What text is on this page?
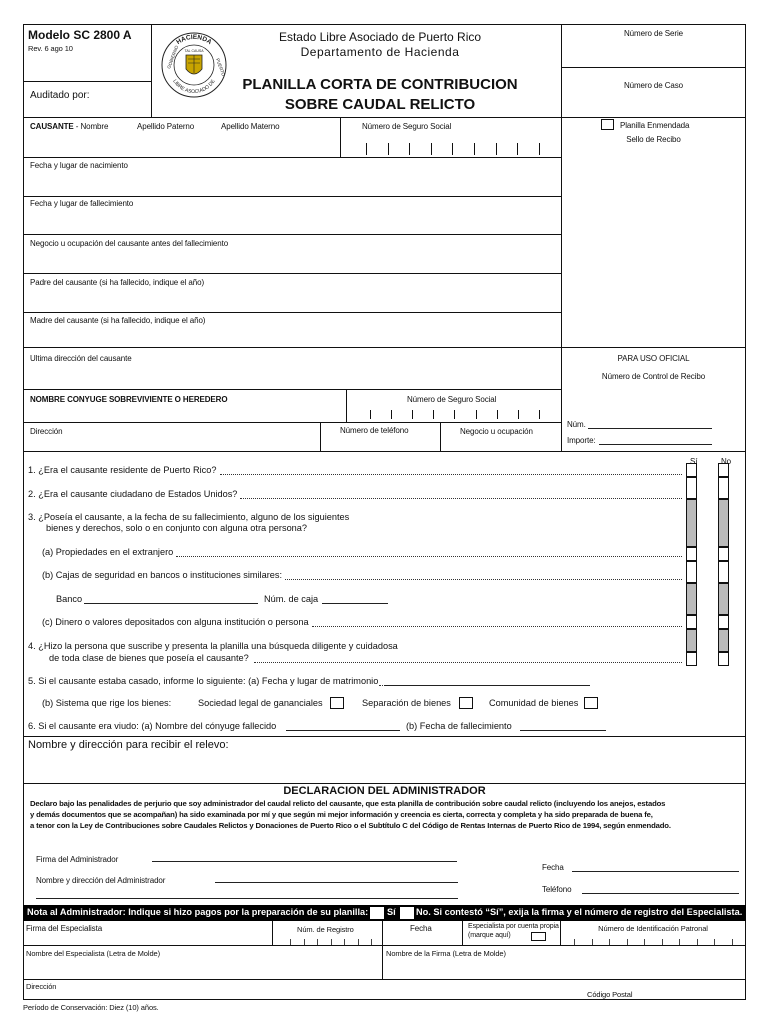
Modelo SC 2800 A
Rev. 6 ago 10
Auditado por:
HACIENDA
LIBRE ASOCIADO DE
GOBIERNO	PUERTO
TAL CAUSA
Estado Libre Asociado de Puerto Rico
Departamento de Hacienda
PLANILLA CORTA DE CONTRIBUCION
SOBRE CAUDAL RELICTO
Número de Serie
Número de Caso
Planilla Enmendada
Sello de Recibo
CAUSANTE - Nombre	Apellido Paterno	Apellido Materno	Número de Seguro Social
Fecha y lugar de nacimiento
Fecha y lugar de fallecimiento
Negocio u ocupación del causante antes del fallecimiento
Padre del causante (si ha fallecido, indique el año)
Madre del causante (si ha fallecido, indique el año)
Ultima dirección del causante	PARA USO OFICIAL
Número de Control de Recibo
Núm.
Importe:
NOMBRE CONYUGE SOBREVIVIENTE O HEREDERO	Número de Seguro Social
Dirección	Número de teléfono	Negocio u ocupación
Sí	No
1. ¿Era el causante residente de Puerto Rico?
2. ¿Era el causante ciudadano de Estados Unidos?
3. ¿Poseía el causante, a la fecha de su fallecimiento, alguno de los siguientes
bienes y derechos, solo o en conjunto con alguna otra persona?
(a) Propiedades en el extranjero
(b) Cajas de seguridad en bancos o instituciones similares:
Banco	Núm. de caja
(c) Dinero o valores depositados con alguna institución o persona
4. ¿Hizo la persona que suscribe y presenta la planilla una búsqueda diligente y cuidadosa
de toda clase de bienes que poseía el causante?
5. Si el causante estaba casado, informe lo siguiente: (a) Fecha y lugar de matrimonio
(b) Sistema que rige los bienes:	Sociedad legal de gananciales	Separación de bienes	Comunidad de bienes
6. Si el causante era viudo: (a) Nombre del cónyuge fallecido	(b) Fecha de fallecimiento
Nombre y dirección para recibir el relevo:
DECLARACION DEL ADMINISTRADOR
Declaro bajo las penalidades de perjurio que soy administrador del caudal relicto del causante, que esta planilla de contribución sobre caudal relicto (incluyendo los anejos, estados
y demás documentos que se acompañan) ha sido examinada por mí y que según mi mejor información y creencia es cierta, correcta y completa y ha sido preparada de buena fe,
a tenor con la Ley de Contribuciones sobre Caudales Relictos y Donaciones de Puerto Rico o el Subtítulo C del Código de Rentas Internas de Puerto Rico de 1994, según enmendado.
Firma del Administrador
Nombre y dirección del Administrador
Fecha
Teléfono
Nota al Administrador: Indique si hizo pagos por la preparación de su planilla: Sí No. Si contestó “Sí”, exija la firma y el número de registro del Especialista.
Firma del Especialista	Núm. de Registro	Fecha	Especialista por cuenta propia
(marque aquí)
Número de Identificación Patronal
Nombre del Especialista (Letra de Molde)	Nombre de la Firma (Letra de Molde)
Dirección
Código Postal
Período de Conservación: Diez (10) años.
